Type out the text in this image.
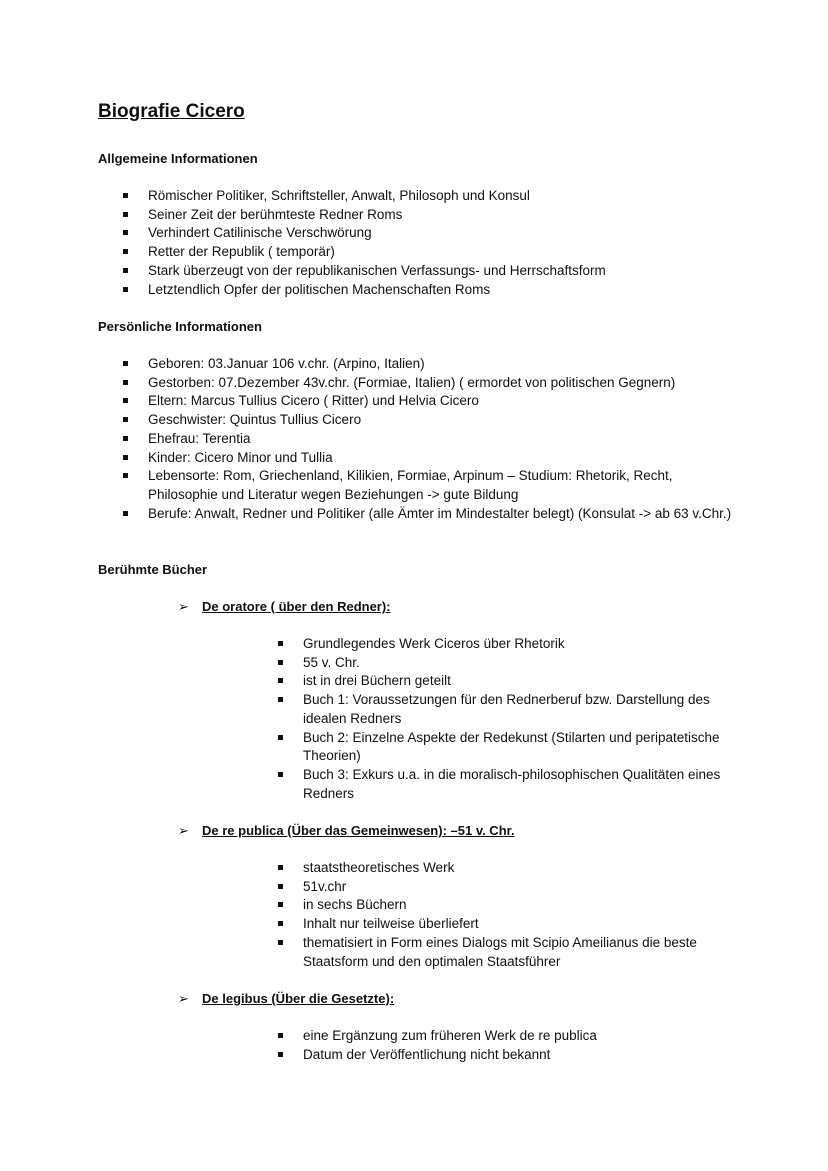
Biografie Cicero
Allgemeine Informationen
Römischer Politiker, Schriftsteller, Anwalt, Philosoph und Konsul
Seiner Zeit der berühmteste Redner Roms
Verhindert Catilinische Verschwörung
Retter der Republik ( temporär)
Stark überzeugt von der republikanischen Verfassungs- und Herrschaftsform
Letztendlich Opfer der politischen Machenschaften Roms
Persönliche Informationen
Geboren: 03.Januar 106 v.chr. (Arpino, Italien)
Gestorben: 07.Dezember 43v.chr. (Formiae, Italien) ( ermordet von politischen Gegnern)
Eltern: Marcus Tullius Cicero ( Ritter) und Helvia Cicero
Geschwister: Quintus Tullius Cicero
Ehefrau: Terentia
Kinder: Cicero Minor und Tullia
Lebensorte: Rom, Griechenland, Kilikien, Formiae, Arpinum – Studium: Rhetorik, Recht, Philosophie und Literatur wegen Beziehungen -> gute Bildung
Berufe: Anwalt, Redner und Politiker (alle Ämter im Mindestalter belegt) (Konsulat -> ab 63 v.Chr.)
Berühmte Bücher
➢ De oratore ( über den Redner):
Grundlegendes Werk Ciceros über Rhetorik
55 v. Chr.
ist in drei Büchern geteilt
Buch 1: Voraussetzungen für den Rednerberuf bzw. Darstellung des idealen Redners
Buch 2: Einzelne Aspekte der Redekunst (Stilarten und peripatetische Theorien)
Buch 3: Exkurs u.a. in die moralisch-philosophischen Qualitäten eines Redners
➢ De re publica (Über das Gemeinwesen): –51 v. Chr.
staatstheoretisches Werk
51v.chr
in sechs Büchern
Inhalt nur teilweise überliefert
thematisiert in Form eines Dialogs mit Scipio Ameilianus die beste Staatsform und den optimalen Staatsführer
➢ De legibus (Über die Gesetzte):
eine Ergänzung zum früheren Werk de re publica
Datum der Veröffentlichung nicht bekannt
